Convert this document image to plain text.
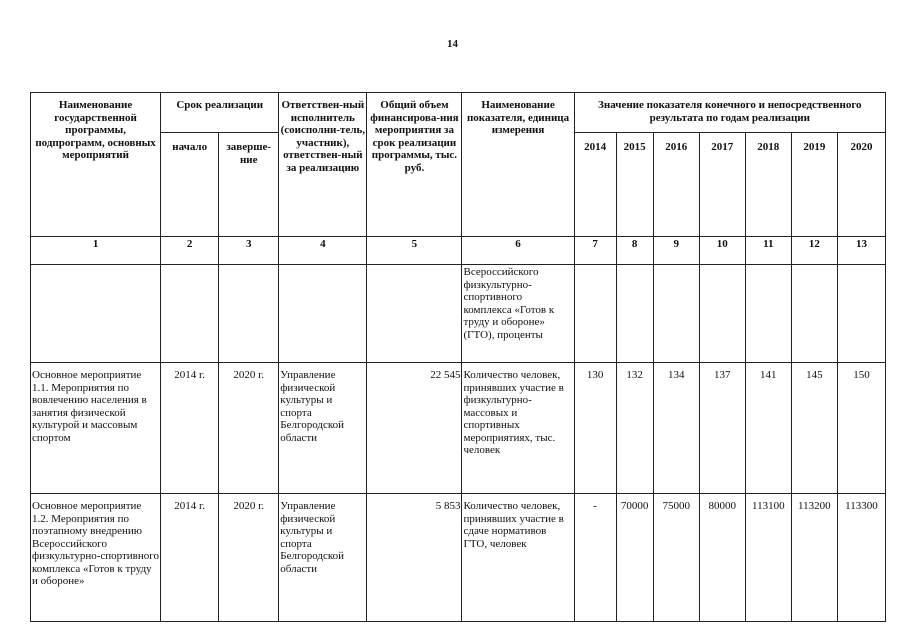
14
Наименование государственной программы, подпрограмм, основных мероприятий	Срок реализации		Ответствен-ный исполнитель (соисполни-тель, участник), ответствен-ный за реализацию	Общий объем финансирова-ния мероприятия за срок реализации программы, тыс. руб.	Наименование показателя, единица измерения	Значение показателя конечного и непосредственного результата по годам реализации						
	начало	заверше-ние				2014	2015	2016	2017	2018	2019	2020
1	2	3	4	5	6	7	8	9	10	11	12	13
					Всероссийского физкультурно-спортивного комплекса «Готов к труду и обороне» (ГТО), проценты							
Основное мероприятие 1.1. Мероприятия по вовлечению населения в занятия физической культурой и массовым спортом	2014 г.	2020 г.	Управление физической культуры и спорта Белгородской области	22 545	Количество человек, принявших участие в физкультурно-массовых и спортивных мероприятиях, тыс. человек	130	132	134	137	141	145	150
Основное мероприятие 1.2. Мероприятия по поэтапному внедрению Всероссийского физкультурно-спортивного комплекса «Готов к труду и обороне»	2014 г.	2020 г.	Управление физической культуры и спорта Белгородской области	5 853	Количество человек, принявших участие в сдаче нормативов ГТО, человек	-	70000	75000	80000	113100	113200	113300
